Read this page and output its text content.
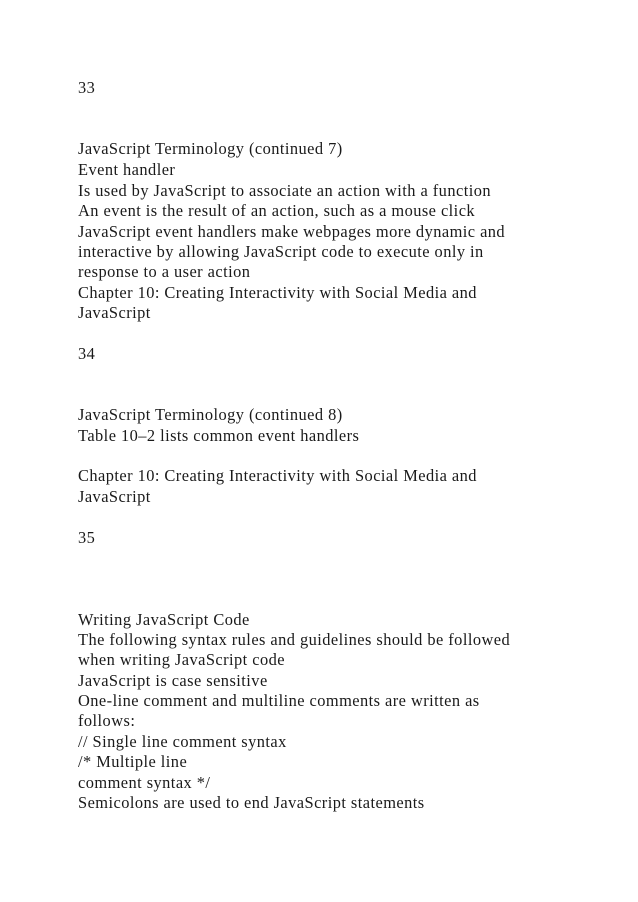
33

JavaScript Terminology (continued 7)

Event handler

Is used by JavaScript to associate an action with a function

An event is the result of an action, such as a mouse click

JavaScript event handlers make webpages more dynamic and

interactive by allowing JavaScript code to execute only in

response to a user action

Chapter 10: Creating Interactivity with Social Media and

JavaScript

34

JavaScript Terminology (continued 8)

Table 10–2 lists common event handlers

Chapter 10: Creating Interactivity with Social Media and

JavaScript

35

Writing JavaScript Code

The following syntax rules and guidelines should be followed

when writing JavaScript code

JavaScript is case sensitive

One-line comment and multiline comments are written as

follows:

// Single line comment syntax

/* Multiple line

comment syntax */

Semicolons are used to end JavaScript statements
